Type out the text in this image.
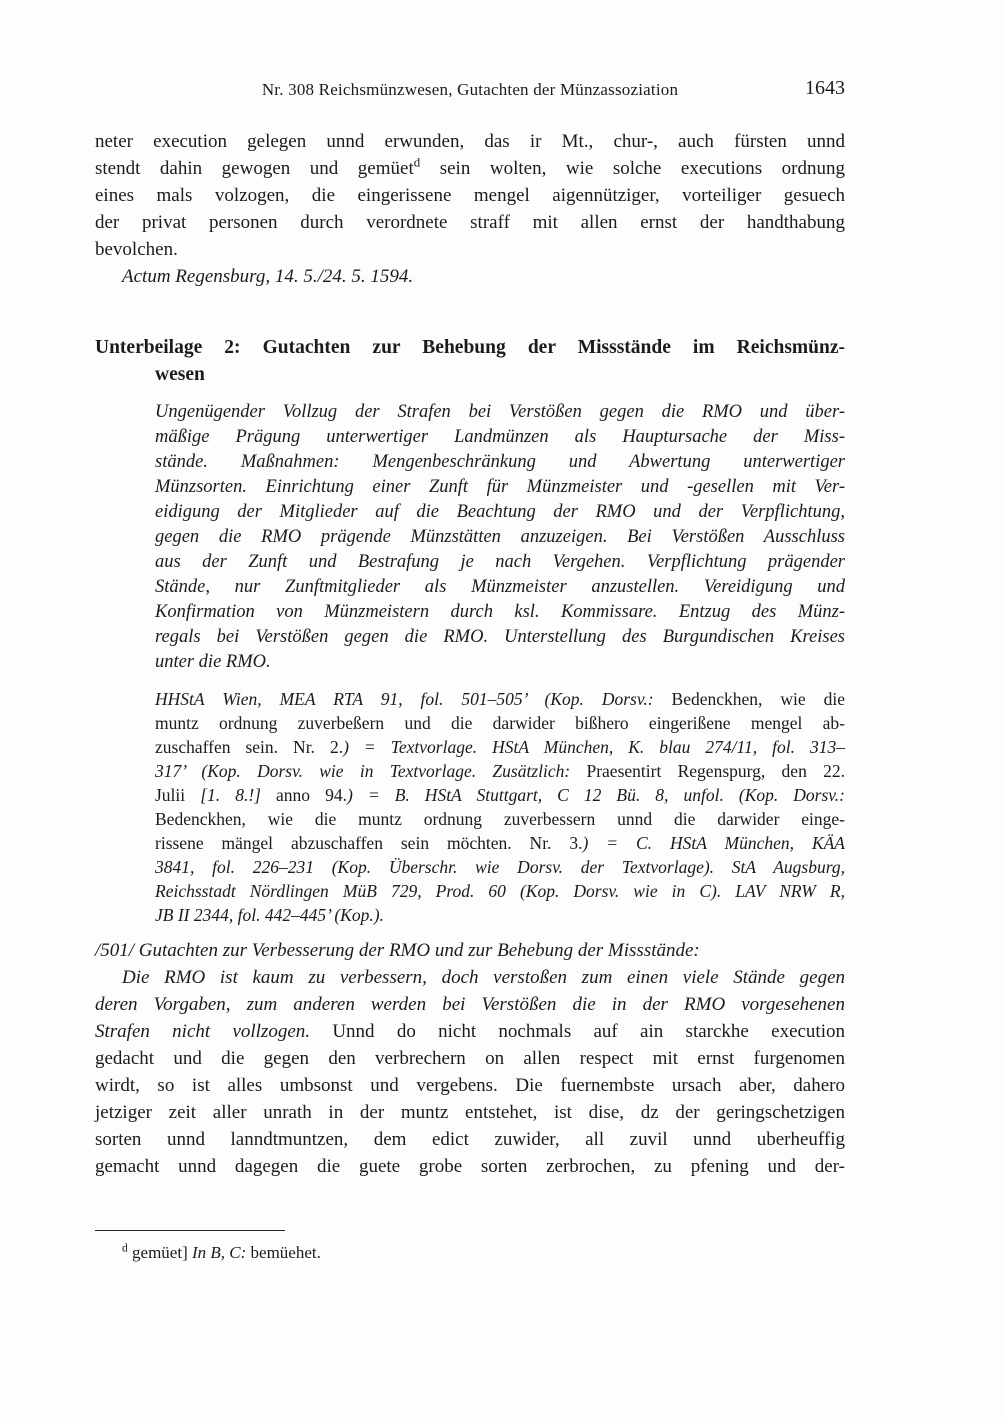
Nr. 308 Reichsmünzwesen, Gutachten der Münzassoziation	1643
neter execution gelegen unnd erwunden, das ir Mt., chur-, auch fürsten unnd
stendt dahin gewogen und gemüet$^d$ sein wolten, wie solche executions ordnung
eines mals volzogen, die eingerissene mengel aigennütziger, vorteiliger gesuech
der privat personen durch verordnete straff mit allen ernst der handthabung
bevolchen.
Actum Regensburg, 14. 5./24. 5. 1594.
Unterbeilage 2: Gutachten zur Behebung der Missstände im Reichsmünz-
wesen
Ungenügender Vollzug der Strafen bei Verstößen gegen die RMO und über-
mäßige Prägung unterwertiger Landmünzen als Hauptursache der Miss-
stände. Maßnahmen: Mengenbeschränkung und Abwertung unterwertiger
Münzsorten. Einrichtung einer Zunft für Münzmeister und -gesellen mit Ver-
eidigung der Mitglieder auf die Beachtung der RMO und der Verpflichtung,
gegen die RMO prägende Münzstätten anzuzeigen. Bei Verstößen Ausschluss
aus der Zunft und Bestrafung je nach Vergehen. Verpflichtung prägender
Stände, nur Zunftmitglieder als Münzmeister anzustellen. Vereidigung und
Konfirmation von Münzmeistern durch ksl. Kommissare. Entzug des Münz-
regals bei Verstößen gegen die RMO. Unterstellung des Burgundischen Kreises
unter die RMO.
HHStA Wien, MEA RTA 91, fol. 501–505’ (Kop. Dorsv.: Bedenckhen, wie die
muntz ordnung zuverbeßern und die darwider bißhero eingerißene mengel ab-
zuschaffen sein. Nr. 2.) = Textvorlage. HStA München, K. blau 274/11, fol. 313–
317’ (Kop. Dorsv. wie in Textvorlage. Zusätzlich: Praesentirt Regenspurg, den 22.
Julii [1. 8.!] anno 94.) = B. HStA Stuttgart, C 12 Bü. 8, unfol. (Kop. Dorsv.:
Bedenckhen, wie die muntz ordnung zuverbessern unnd die darwider einge-
rissene mängel abzuschaffen sein möchten. Nr. 3.) = C. HStA München, KÄA
3841, fol. 226–231 (Kop. Überschr. wie Dorsv. der Textvorlage). StA Augsburg,
Reichsstadt Nördlingen MüB 729, Prod. 60 (Kop. Dorsv. wie in C). LAV NRW R,
JB II 2344, fol. 442–445’ (Kop.).
/501/ Gutachten zur Verbesserung der RMO und zur Behebung der Missstände:
Die RMO ist kaum zu verbessern, doch verstoßen zum einen viele Stände gegen
deren Vorgaben, zum anderen werden bei Verstößen die in der RMO vorgesehenen
Strafen nicht vollzogen. Unnd do nicht nochmals auf ain starckhe execution
gedacht und die gegen den verbrechern on allen respect mit ernst furgenomen
wirdt, so ist alles umbsonst und vergebens. Die fuernembste ursach aber, dahero
jetziger zeit aller unrath in der muntz entstehet, ist dise, dz der geringschetzigen
sorten unnd lanndtmuntzen, dem edict zuwider, all zuvil unnd uberheuffig
gemacht unnd dagegen die guete grobe sorten zerbrochen, zu pfening und der-
$^d$ gemüet] In B, C: bemüehet.
